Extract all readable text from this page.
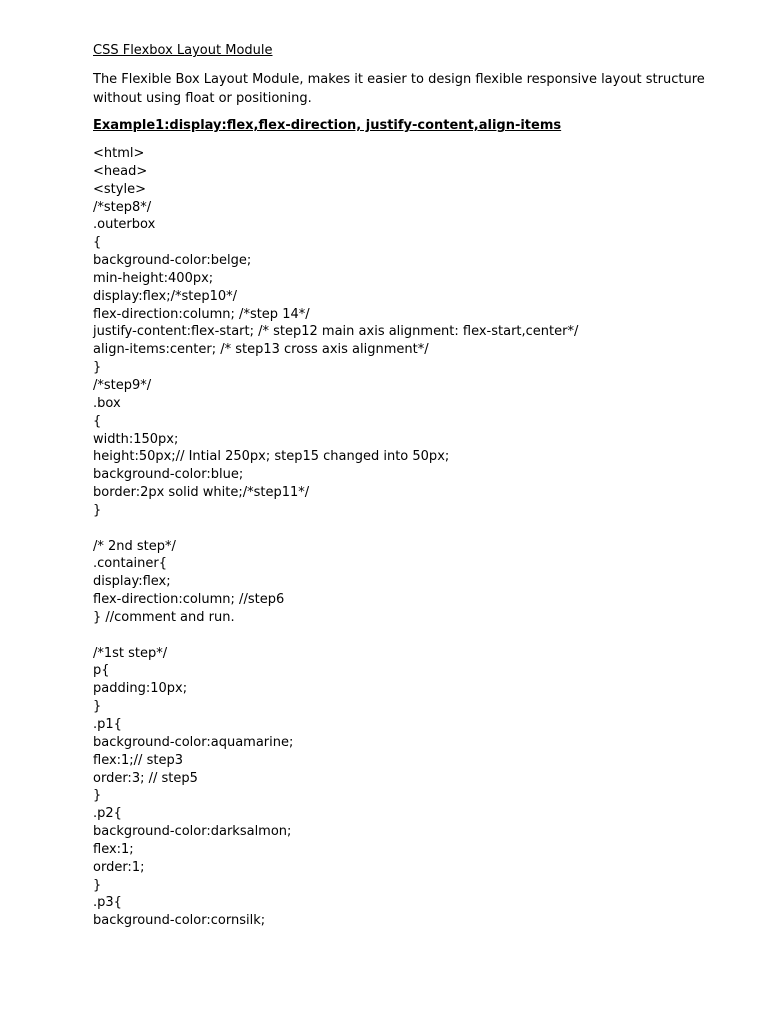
CSS Flexbox Layout Module
The Flexible Box Layout Module, makes it easier to design flexible responsive layout structure
without using float or positioning.
Example1:display:flex,flex-direction, justify-content,align-items
<html>
<head>
<style>
/*step8*/
.outerbox
{
background-color:belge;
min-height:400px;
display:flex;/*step10*/
flex-direction:column; /*step 14*/
justify-content:flex-start; /* step12 main axis alignment: flex-start,center*/
align-items:center; /* step13 cross axis alignment*/
}
/*step9*/
.box
{
width:150px;
height:50px;// Intial 250px; step15 changed into 50px;
background-color:blue;
border:2px solid white;/*step11*/
}
/* 2nd step*/
.container{
display:flex;
flex-direction:column; //step6
} //comment and run.
/*1st step*/
p{
padding:10px;
}
.p1{
background-color:aquamarine;
flex:1;// step3
order:3; // step5
}
.p2{
background-color:darksalmon;
flex:1;
order:1;
}
.p3{
background-color:cornsilk;
